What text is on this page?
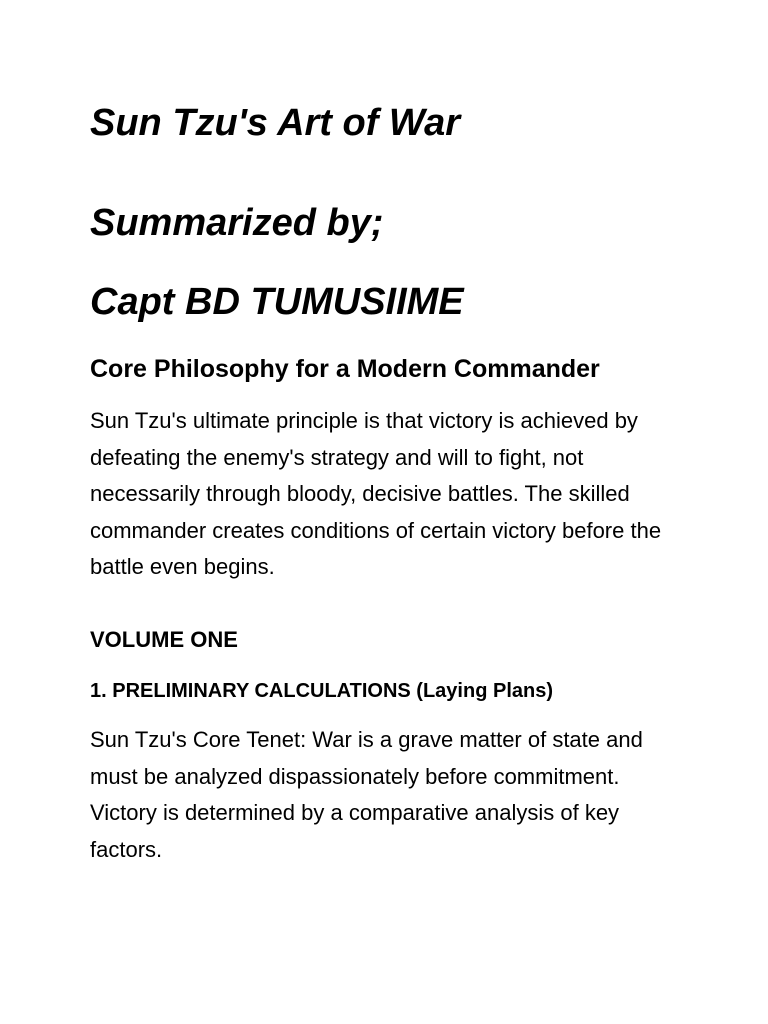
Sun Tzu's Art of War
Summarized by;
Capt BD TUMUSIIME
Core Philosophy for a Modern Commander

Sun Tzu's ultimate principle is that victory is achieved by defeating the enemy's strategy and will to fight, not necessarily through bloody, decisive battles. The skilled commander creates conditions of certain victory before the battle even begins.

VOLUME ONE
1. PRELIMINARY CALCULATIONS (Laying Plans)

Sun Tzu's Core Tenet: War is a grave matter of state and must be analyzed dispassionately before commitment. Victory is determined by a comparative analysis of key factors.
